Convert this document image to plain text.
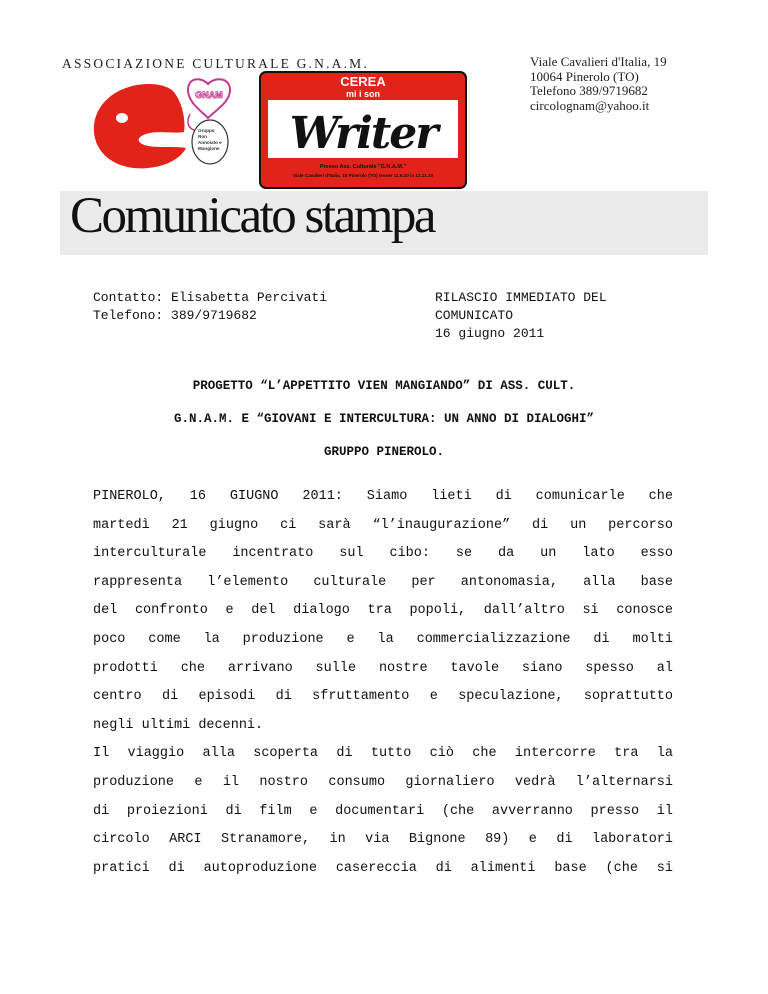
ASSOCIAZIONE CULTURALE G.N.A.M.	Viale Cavalieri d'Italia, 19
10064 Pinerolo (TO)
Telefono 389/9719682
circolognam@yahoo.it
GNAM
Gruppo Non Annoiato e Mangione
CEREA
mi i son
Writer
Presso Ass. Culturale "G.N.A.M."
Viale Cavalieri d'Italia, 19 Pinerolo (TO) tesser 11.6.10 in 12.11.10
Comunicato stampa
Contatto: Elisabetta Percivati
Telefono: 389/9719682
RILASCIO IMMEDIATO DEL
COMUNICATO
16 giugno 2011
PROGETTO “L’APPETTITO VIEN MANGIANDO” DI ASS. CULT.
G.N.A.M. E “GIOVANI E INTERCULTURA: UN ANNO DI DIALOGHI”
GRUPPO PINEROLO.
PINEROLO, 16 GIUGNO 2011: Siamo lieti di comunicarle che
martedì 21 giugno ci sarà “l’inaugurazione” di un percorso
interculturale incentrato sul cibo: se da un lato esso
rappresenta l’elemento culturale per antonomasia, alla base
del confronto e del dialogo tra popoli, dall’altro si conosce
poco come la produzione e la commercializzazione di molti
prodotti che arrivano sulle nostre tavole siano spesso al
centro di episodi di sfruttamento e speculazione, soprattutto
negli ultimi decenni.
Il viaggio alla scoperta di tutto ciò che intercorre tra la
produzione e il nostro consumo giornaliero vedrà l’alternarsi
di proiezioni di film e documentari (che avverranno presso il
circolo ARCI Stranamore, in via Bignone 89) e di laboratori
pratici di autoproduzione casereccia di alimenti base (che si
